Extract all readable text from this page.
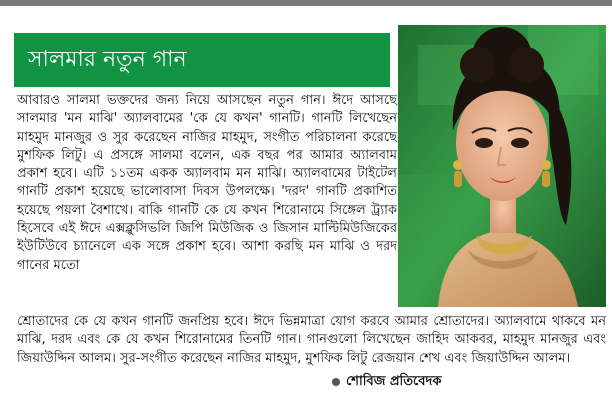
সালমার নতুন গান

আবারও সালমা ভক্তদের জন্য নিয়ে আসছেন নতুন গান। ঈদে আসছে সালমার 'মন মাঝি' অ্যালবামের 'কে যে কখন' গানটি। গানটি লিখেছেন মাহমুদ মানজুর ও সুর করেছেন নাজির মাহমুদ, সংগীত পরিচালনা করেছে মুশফিক লিটু। এ প্রসঙ্গে সালমা বলেন, এক বছর পর আমার অ্যালবাম প্রকাশ হবে। এটি ১১তম একক অ্যালবাম মন মাঝি। অ্যালবামের টাইটেল গানটি প্রকাশ হয়েছে ভালোবাসা দিবস উপলক্ষে। 'দরদ' গানটি প্রকাশিত হয়েছে পয়লা বৈশাখে। বাকি গানটি কে যে কখন শিরোনামে সিঙ্গেল ট্র্যাক হিসেবে এই ঈদে এক্সক্লুসিভলি জিপি মিউজিক ও জিসান মাল্টিমিউজিকের ইউটিউবে চ্যানেলে এক সঙ্গে প্রকাশ হবে। আশা করছি মন মাঝি ও দরদ গানের মতো

শ্রোতাদের কে যে কখন গানটি জনপ্রিয় হবে। ঈদে ভিন্নমাত্রা যোগ করবে আমার শ্রোতাদের। অ্যালবামে থাকবে মন মাঝি, দরদ এবং কে যে কখন শিরোনামের তিনটি গান। গানগুলো লিখেছেন জাহিদ আকবর, মাহমুদ মানজুর এবং জিয়াউদ্দিন আলম। সুর-সংগীত করেছেন নাজির মাহমুদ, মুশফিক লিটু রেজয়ান শেখ এবং জিয়াউদ্দিন আলম।

শোবিজ প্রতিবেদক
